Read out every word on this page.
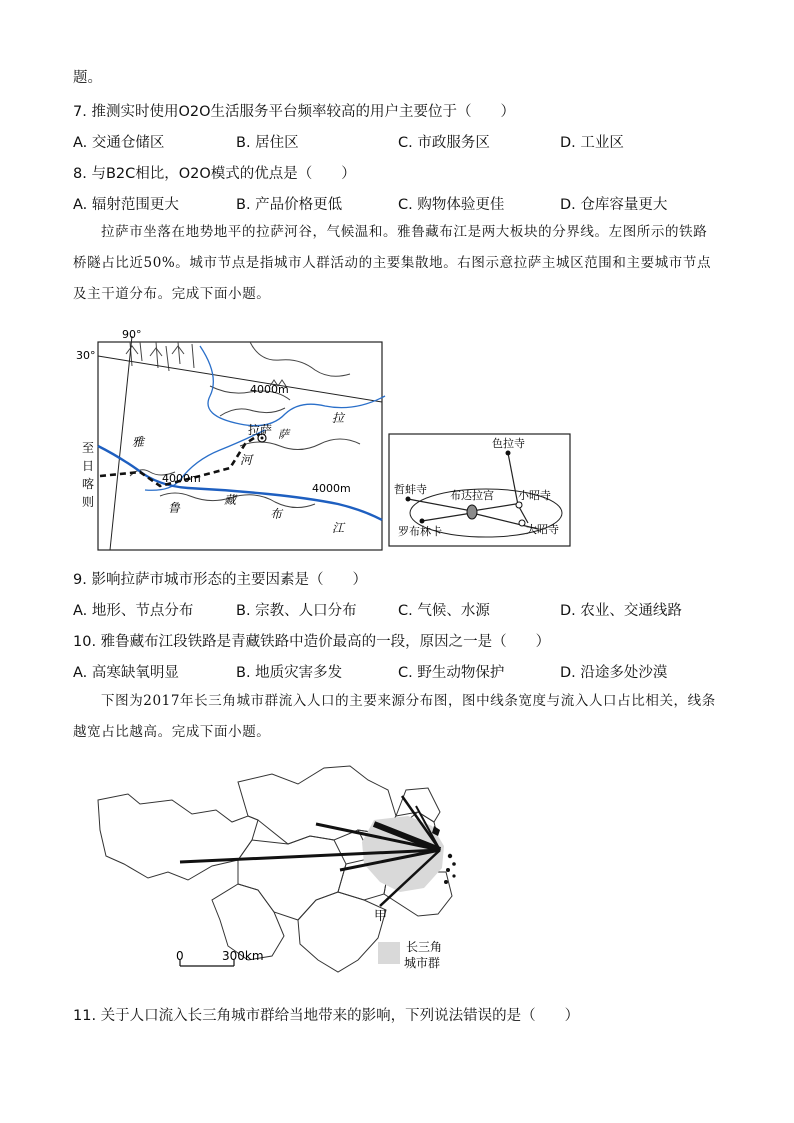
题。
7. 推测实时使用O2O生活服务平台频率较高的用户主要位于（　　）
A. 交通仓储区	B. 居住区	C. 市政服务区	D. 工业区
8. 与B2C相比，O2O模式的优点是（　　）
A. 辐射范围更大	B. 产品价格更低	C. 购物体验更佳	D. 仓库容量更大
拉萨市坐落在地势地平的拉萨河谷，气候温和。雅鲁藏布江是两大板块的分界线。左图所示的铁路桥隧占比近50%。城市节点是指城市人群活动的主要集散地。右图示意拉萨主城区范围和主要城市节点及主干道分布。完成下面小题。
90°
30°
拉萨
4000m
4000m
4000m
至
日
喀
则
拉
萨
河
雅
鲁
藏
布
江
色拉寺
哲蚌寺 布达拉宫 小昭寺
罗布林卡	大昭寺
9. 影响拉萨市城市形态的主要因素是（　　）
A. 地形、节点分布	B. 宗教、人口分布	C. 气候、水源	D. 农业、交通线路
10. 雅鲁藏布江段铁路是青藏铁路中造价最高的一段，原因之一是（　　）
A. 高寒缺氧明显	B. 地质灾害多发	C. 野生动物保护	D. 沿途多处沙漠
下图为2017年长三角城市群流入人口的主要来源分布图，图中线条宽度与流入人口占比相关，线条越宽占比越高。完成下面小题。
甲
0	300km
长三角
城市群
11. 关于人口流入长三角城市群给当地带来的影响，下列说法错误的是（　　）
